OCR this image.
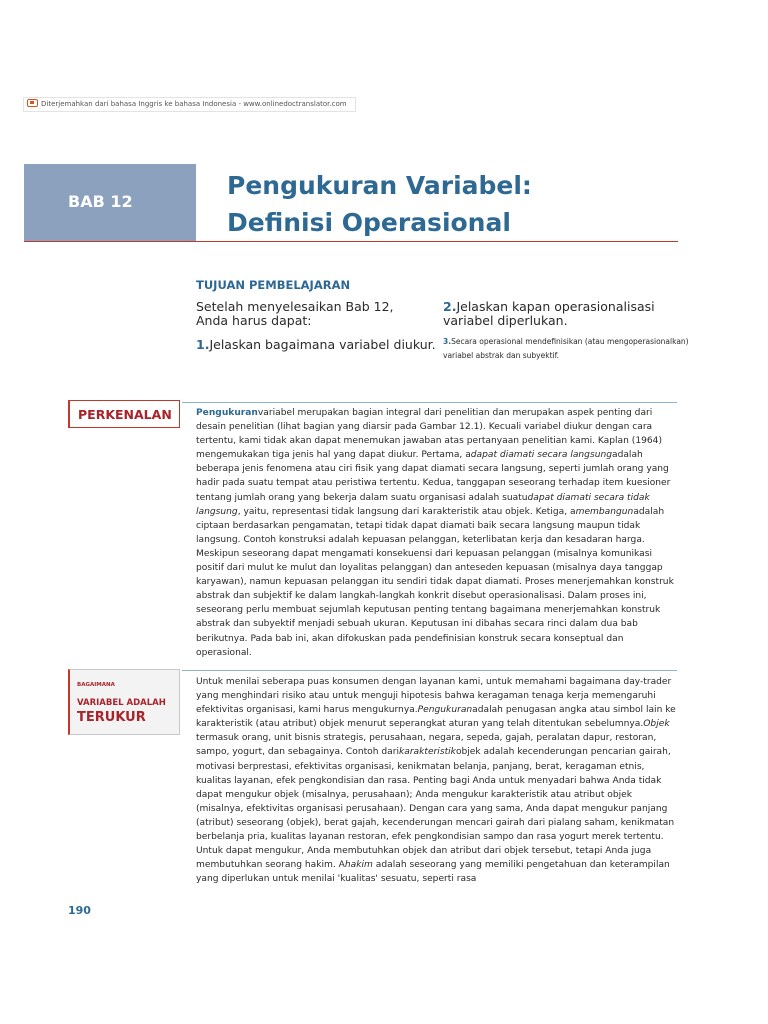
Diterjemahkan dari bahasa Inggris ke bahasa Indonesia - www.onlinedoctranslator.com
BAB 12
Pengukuran Variabel:
Definisi Operasional
TUJUAN PEMBELAJARAN
Setelah menyelesaikan Bab 12, Anda harus dapat:
1.Jelaskan bagaimana variabel diukur.
2.Jelaskan kapan operasionalisasi variabel diperlukan.
3.Secara operasional mendefinisikan (atau mengoperasionalkan) variabel abstrak dan subyektif.
PERKENALAN	Pengukuranvariabel merupakan bagian integral dari penelitian dan merupakan aspek penting dari desain penelitian (lihat bagian yang diarsir pada Gambar 12.1). Kecuali variabel diukur dengan cara tertentu, kami tidak akan dapat menemukan jawaban atas pertanyaan penelitian kami. Kaplan (1964) mengemukakan tiga jenis hal yang dapat diukur. Pertama, adapat diamati secara langsungadalah beberapa jenis fenomena atau ciri fisik yang dapat diamati secara langsung, seperti jumlah orang yang hadir pada suatu tempat atau peristiwa tertentu. Kedua, tanggapan seseorang terhadap item kuesioner tentang jumlah orang yang bekerja dalam suatu organisasi adalah suatudapat diamati secara tidak langsung, yaitu, representasi tidak langsung dari karakteristik atau objek. Ketiga, amembangunadalah ciptaan berdasarkan pengamatan, tetapi tidak dapat diamati baik secara langsung maupun tidak langsung. Contoh konstruksi adalah kepuasan pelanggan, keterlibatan kerja dan kesadaran harga. Meskipun seseorang dapat mengamati konsekuensi dari kepuasan pelanggan (misalnya komunikasi positif dari mulut ke mulut dan loyalitas pelanggan) dan anteseden kepuasan (misalnya daya tanggap karyawan), namun kepuasan pelanggan itu sendiri tidak dapat diamati. Proses menerjemahkan konstruk abstrak dan subjektif ke dalam langkah-langkah konkrit disebut operasionalisasi. Dalam proses ini, seseorang perlu membuat sejumlah keputusan penting tentang bagaimana menerjemahkan konstruk abstrak dan subyektif menjadi sebuah ukuran. Keputusan ini dibahas secara rinci dalam dua bab berikutnya. Pada bab ini, akan difokuskan pada pendefinisian konstruk secara konseptual dan operasional.
BAGAIMANA
VARIABEL ADALAH
TERUKUR
Untuk menilai seberapa puas konsumen dengan layanan kami, untuk memahami bagaimana day-trader yang menghindari risiko atau untuk menguji hipotesis bahwa keragaman tenaga kerja memengaruhi efektivitas organisasi, kami harus mengukurnya.Pengukuranadalah penugasan angka atau simbol lain ke karakteristik (atau atribut) objek menurut seperangkat aturan yang telah ditentukan sebelumnya.Objek termasuk orang, unit bisnis strategis, perusahaan, negara, sepeda, gajah, peralatan dapur, restoran, sampo, yogurt, dan sebagainya. Contoh darikarakteristikobjek adalah kecenderungan pencarian gairah, motivasi berprestasi, efektivitas organisasi, kenikmatan belanja, panjang, berat, keragaman etnis, kualitas layanan, efek pengkondisian dan rasa. Penting bagi Anda untuk menyadari bahwa Anda tidak dapat mengukur objek (misalnya, perusahaan); Anda mengukur karakteristik atau atribut objek (misalnya, efektivitas organisasi perusahaan). Dengan cara yang sama, Anda dapat mengukur panjang (atribut) seseorang (objek), berat gajah, kecenderungan mencari gairah dari pialang saham, kenikmatan berbelanja pria, kualitas layanan restoran, efek pengkondisian sampo dan rasa yogurt merek tertentu. Untuk dapat mengukur, Anda membutuhkan objek dan atribut dari objek tersebut, tetapi Anda juga membutuhkan seorang hakim. Ahakim adalah seseorang yang memiliki pengetahuan dan keterampilan yang diperlukan untuk menilai 'kualitas' sesuatu, seperti rasa
190
